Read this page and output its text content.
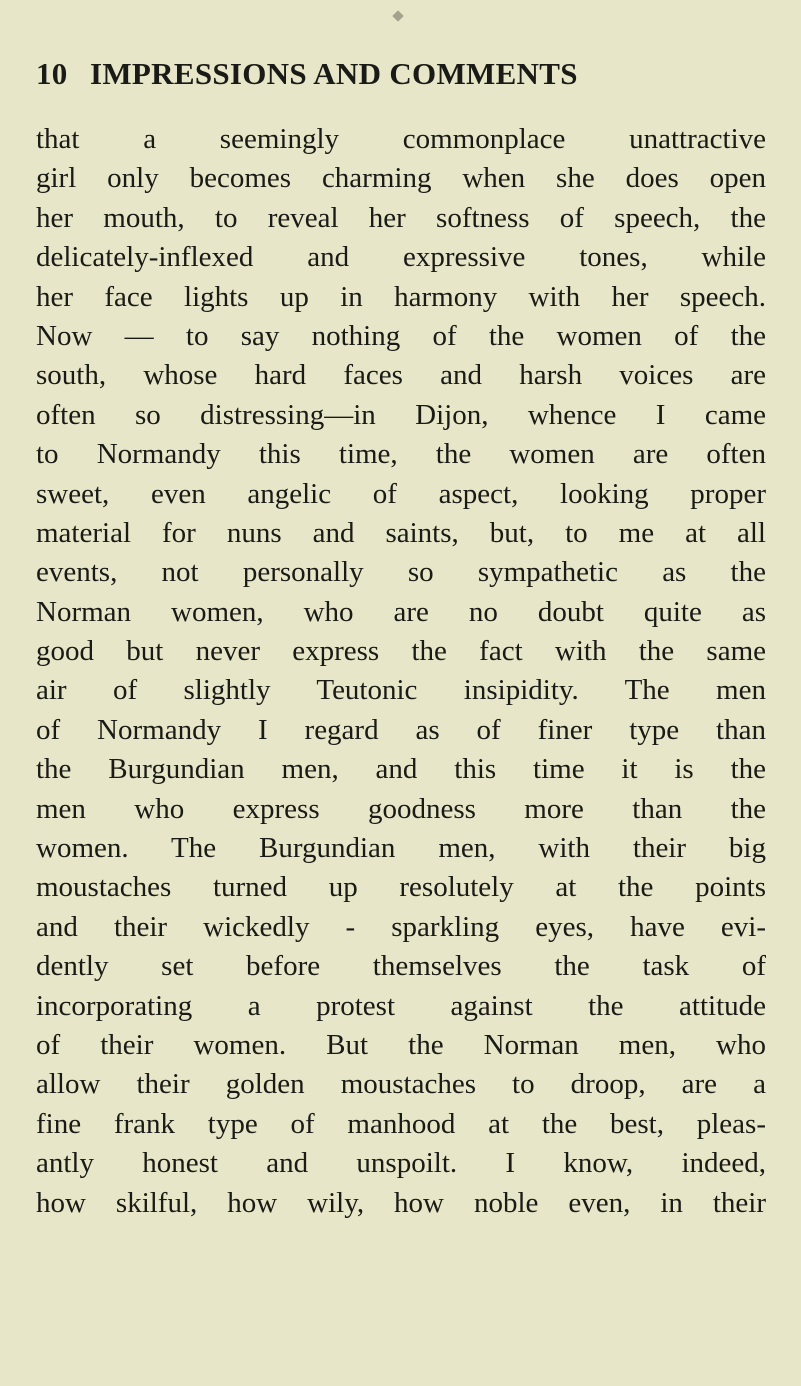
10 IMPRESSIONS AND COMMENTS
that a seemingly commonplace unattractive
girl only becomes charming when she does open
her mouth, to reveal her softness of speech, the
delicately-inflexed and expressive tones, while
her face lights up in harmony with her speech.
Now — to say nothing of the women of the
south, whose hard faces and harsh voices are
often so distressing—in Dijon, whence I came
to Normandy this time, the women are often
sweet, even angelic of aspect, looking proper
material for nuns and saints, but, to me at all
events, not personally so sympathetic as the
Norman women, who are no doubt quite as
good but never express the fact with the same
air of slightly Teutonic insipidity. The men
of Normandy I regard as of finer type than
the Burgundian men, and this time it is the
men who express goodness more than the
women. The Burgundian men, with their big
moustaches turned up resolutely at the points
and their wickedly - sparkling eyes, have evi-
dently set before themselves the task of
incorporating a protest against the attitude
of their women. But the Norman men, who
allow their golden moustaches to droop, are a
fine frank type of manhood at the best, pleas-
antly honest and unspoilt. I know, indeed,
how skilful, how wily, how noble even, in their
